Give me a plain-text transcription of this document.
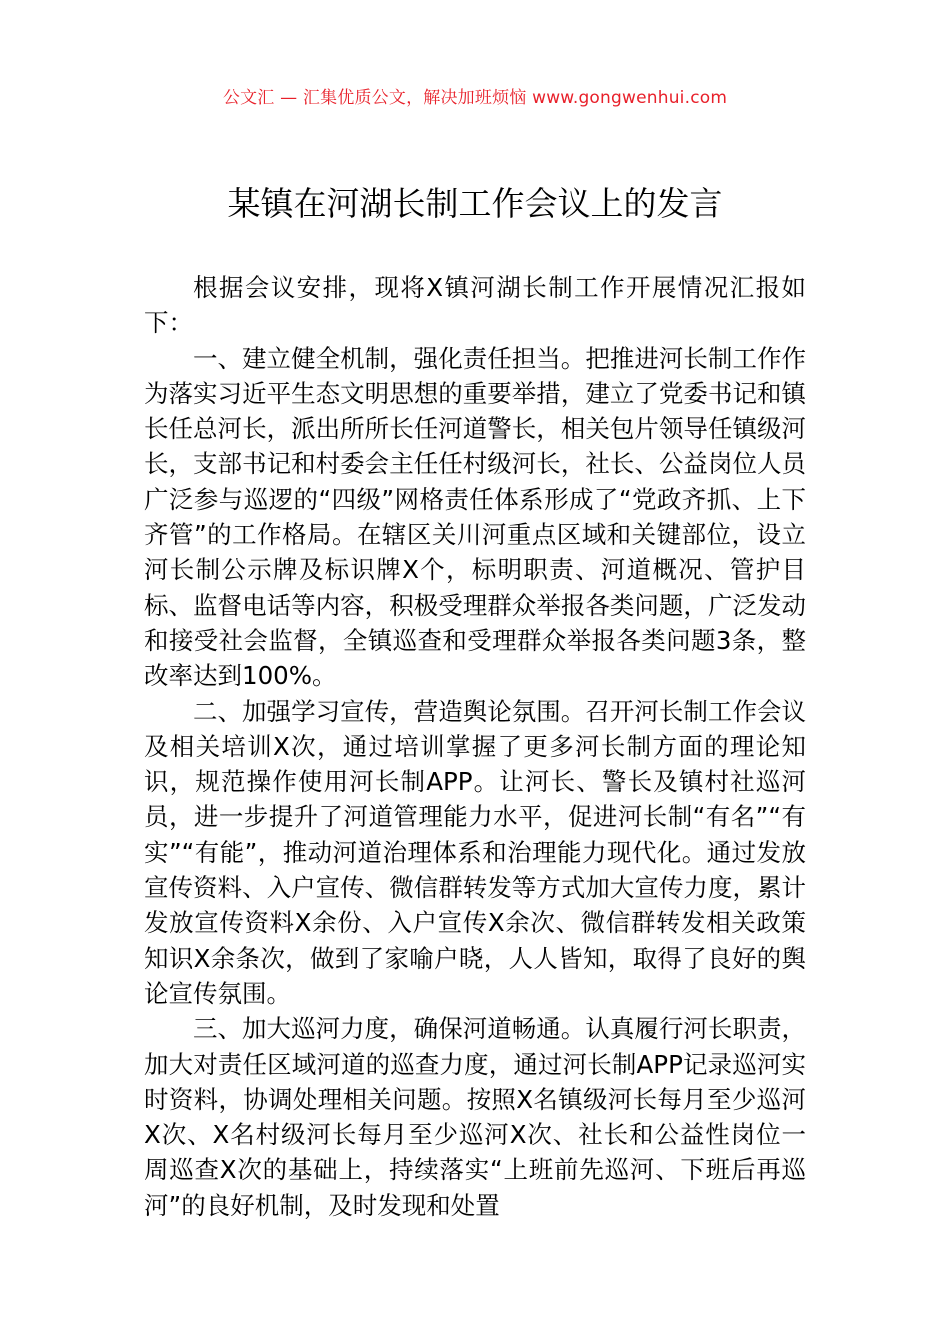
公文汇 — 汇集优质公文，解决加班烦恼 www.gongwenhui.com
某镇在河湖长制工作会议上的发言

根据会议安排，现将X镇河湖长制工作开展情况汇报如下：

一、建立健全机制，强化责任担当。把推进河长制工作作为落实习近平生态文明思想的重要举措，建立了党委书记和镇长任总河长，派出所所长任河道警长，相关包片领导任镇级河长，支部书记和村委会主任任村级河长，社长、公益岗位人员广泛参与巡逻的“四级”网格责任体系形成了“党政齐抓、上下齐管”的工作格局。在辖区关川河重点区域和关键部位，设立河长制公示牌及标识牌X个，标明职责、河道概况、管护目标、监督电话等内容，积极受理群众举报各类问题，广泛发动和接受社会监督，全镇巡查和受理群众举报各类问题3条，整改率达到100%。

二、加强学习宣传，营造舆论氛围。召开河长制工作会议及相关培训X次，通过培训掌握了更多河长制方面的理论知识，规范操作使用河长制APP。让河长、警长及镇村社巡河员，进一步提升了河道管理能力水平，促进河长制“有名”“有实”“有能”，推动河道治理体系和治理能力现代化。通过发放宣传资料、入户宣传、微信群转发等方式加大宣传力度，累计发放宣传资料X余份、入户宣传X余次、微信群转发相关政策知识X余条次，做到了家喻户晓，人人皆知，取得了良好的舆论宣传氛围。

三、加大巡河力度，确保河道畅通。认真履行河长职责，加大对责任区域河道的巡查力度，通过河长制APP记录巡河实时资料，协调处理相关问题。按照X名镇级河长每月至少巡河X次、X名村级河长每月至少巡河X次、社长和公益性岗位一周巡查X次的基础上，持续落实“上班前先巡河、下班后再巡河”的良好机制，及时发现和处置
